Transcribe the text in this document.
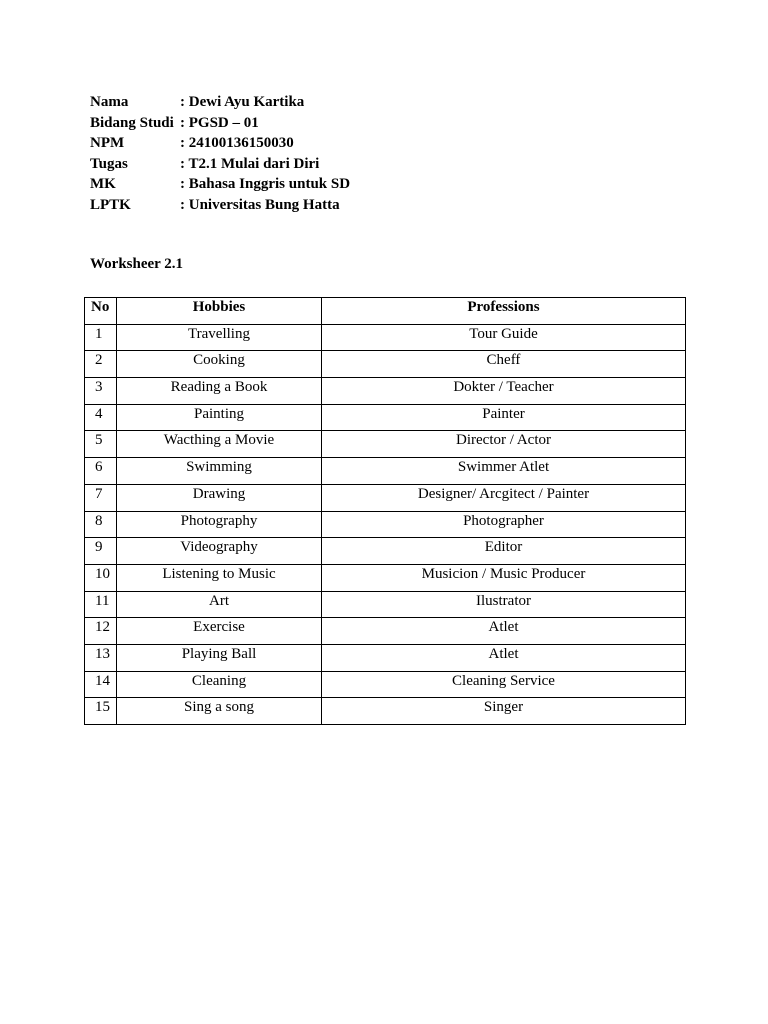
Nama	: Dewi Ayu Kartika
Bidang Studi : PGSD – 01
NPM	: 24100136150030
Tugas	: T2.1 Mulai dari Diri
MK	: Bahasa Inggris untuk SD
LPTK	: Universitas Bung Hatta
Worksheer 2.1
No	Hobbies	Professions
1	Travelling	Tour Guide
2	Cooking	Cheff
3	Reading a Book	Dokter / Teacher
4	Painting	Painter
5	Wacthing a Movie	Director / Actor
6	Swimming	Swimmer Atlet
7	Drawing	Designer/ Arcgitect / Painter
8	Photography	Photographer
9	Videography	Editor
10	Listening to Music	Musicion / Music Producer
11	Art	Ilustrator
12	Exercise	Atlet
13	Playing Ball	Atlet
14	Cleaning	Cleaning Service
15	Sing a song	Singer
